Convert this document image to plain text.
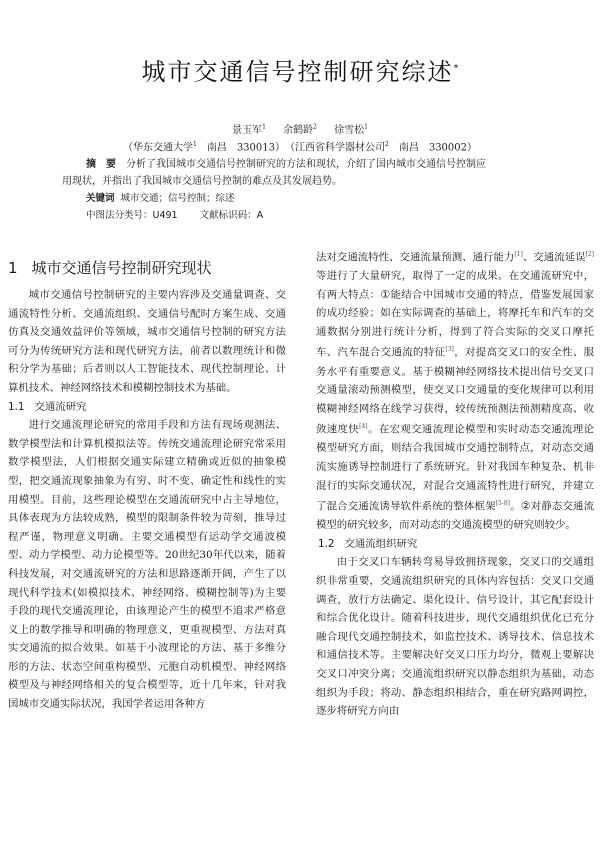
城市交通信号控制研究综述*
景玉军$^1$ 余鹤龄$^2$ 徐雪松$^1$
（华东交通大学$^1$　 南昌　 330013）　（江西省科学器材公司$^2$　 南昌　 330002）

摘　要　 分析了我国城市交通信号控制研究的方法和现状，介绍了国内城市交通信号控制应

用现状，并指出了我国城市交通信号控制的难点及其发展趋势。

关键词 城市交通；信号控制；综述
中图法分类号：U491 文献标识码：A
1 城市交通信号控制研究现状

城市交通信号控制研究的主要内容涉及交通量调查、交通流特性分析、交通流组织、交通信号配时方案生成、交通仿真及交通效益评价等领域，城市交通信号控制的研究方法可分为传统研究方法和现代研究方法，前者以数理统计和微积分学为基础；后者则以人工智能技术、现代控制理论、计算机技术、神经网络技术和模糊控制技术为基础。

1.1 交通流研究

进行交通流理论研究的常用手段和方法有现场观测法、数学模型法和计算机模拟法等。传统交通流理论研究常采用数学模型法，人们根据交通实际建立精确或近似的抽象模型，把交通流现象抽象为有穷、时不变、确定性和线性的实用模型。目前，这些理论模型在交通流研究中占主导地位，具体表现为方法较成熟，模型的限制条件较为苛刻，推导过程严谨，物理意义明确。主要交通模型有运动学交通波模型、动力学模型、动力论模型等。20世纪30年代以来，随着科技发展，对交通流研究的方法和思路逐渐开阔，产生了以现代科学技术(如模拟技术、神经网络、模糊控制等)为主要手段的现代交通流理论，由该理论产生的模型不追求严格意义上的数学推导和明确的物理意义，更重视模型、方法对真实交通流的拟合效果。如基于小波理论的方法、基于多维分形的方法、状态空间重构模型、元胞自动机模型、神经网络模型及与神经网络相关的复合模型等，近十几年来，针对我国城市交通实际状况，我国学者运用各种方

法对交通流特性、交通流量预测、通行能力[1]、交通流延误[2]等进行了大量研究，取得了一定的成果。在交通流研究中，有两大特点：①能结合中国城市交通的特点，借鉴发展国家的成功经验；如在实际调查的基础上，将摩托车和汽车的交通数据分别进行统计分析，得到了符合实际的交叉口摩托车、汽车混合交通流的特征[3]，对提高交叉口的安全性、服务水平有重要意义。基于模糊神经网络技术提出信号交叉口交通量滚动预测模型，使交叉口交通量的变化规律可以利用模糊神经网络在线学习获得，较传统预测法预测精度高、收敛速度快[4]。在宏观交通流理论模型和实时动态交通流理论模型研究方面，则结合我国城市交通控制特点，对动态交通流实施诱导控制进行了系统研究。针对我国车种复杂、机非混行的实际交通状况，对混合交通流特性进行研究，并建立了混合交通流诱导软件系统的整体框架[5-8]。②对静态交通流模型的研究较多，而对动态的交通流模型的研究则较少。

1.2 交通流组织研究

由于交叉口车辆转弯易导致拥挤现象，交叉口的交通组织非常重要，交通流组织研究的具体内容包括：交叉口交通调查，放行方法确定、渠化设计、信号设计，其它配套设计和综合优化设计。随着科技进步，现代交通组织优化已充分融合现代交通控制技术，如监控技术、诱导技术、信息技术和通信技术等。主要解决好交叉口压力均分，微观上要解决交叉口冲突分离；交通流组织研究以静态组织为基础，动态组织为手段；将动、静态组织相结合，重在研究路网调控，逐步将研究方向由
